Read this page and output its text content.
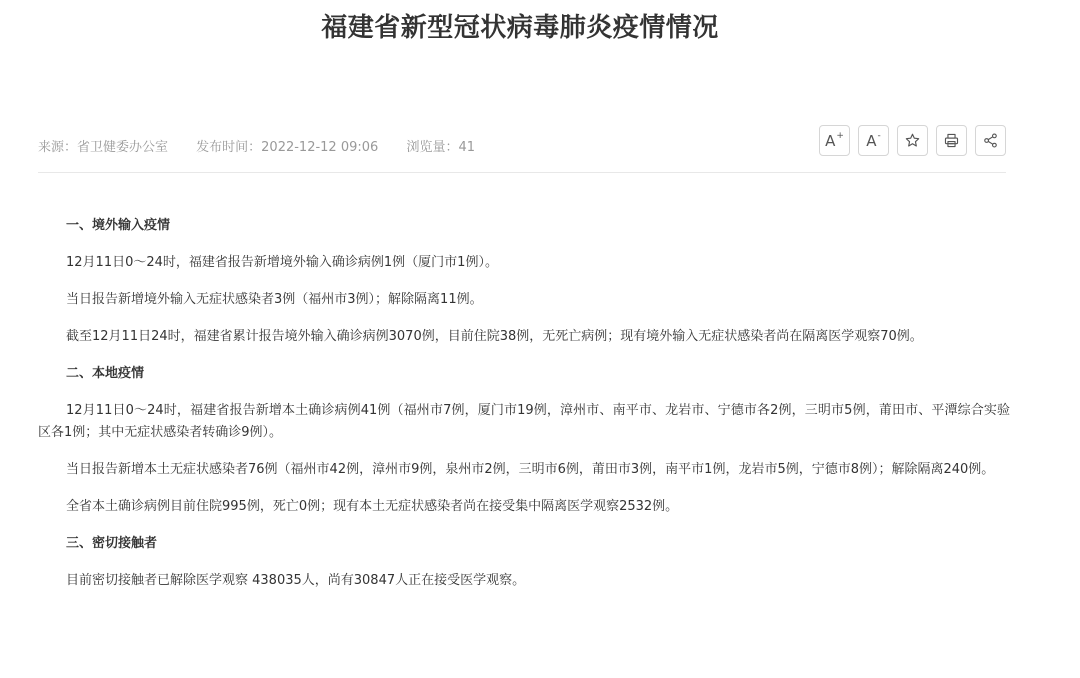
福建省新型冠状病毒肺炎疫情情况
来源：省卫健委办公室 发布时间：2022-12-12 09:06 浏览量：41	A+ A-

一、境外输入疫情

12月11日0～24时，福建省报告新增境外输入确诊病例1例（厦门市1例）。

当日报告新增境外输入无症状感染者3例（福州市3例）；解除隔离11例。

截至12月11日24时，福建省累计报告境外输入确诊病例3070例，目前住院38例，无死亡病例；现有境外输入无症状感染者尚在隔离医学观察70例。

二、本地疫情

12月11日0～24时，福建省报告新增本土确诊病例41例（福州市7例，厦门市19例，漳州市、南平市、龙岩市、宁德市各2例，三明市5例，莆田市、平潭综合实验区各1例；其中无症状感染者转确诊9例）。

当日报告新增本土无症状感染者76例（福州市42例，漳州市9例，泉州市2例，三明市6例，莆田市3例，南平市1例，龙岩市5例，宁德市8例）；解除隔离240例。

全省本土确诊病例目前住院995例，死亡0例；现有本土无症状感染者尚在接受集中隔离医学观察2532例。

三、密切接触者

目前密切接触者已解除医学观察 438035人，尚有30847人正在接受医学观察。
